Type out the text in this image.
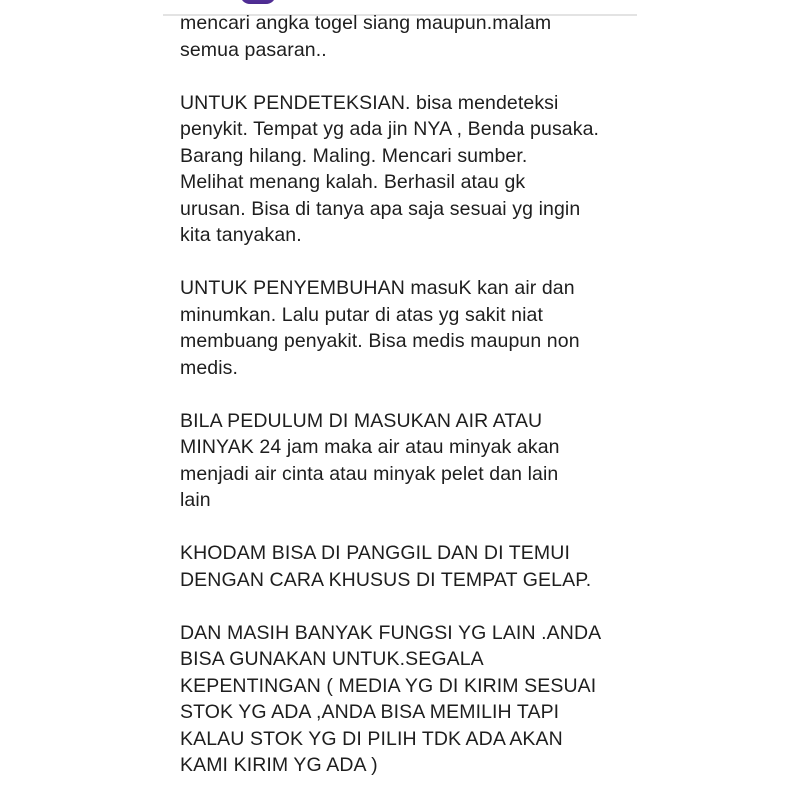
mencari angka togel siang maupun.malam
semua pasaran..
UNTUK PENDETEKSIAN. bisa mendeteksi
penykit. Tempat yg ada jin NYA , Benda pusaka.
Barang hilang. Maling. Mencari sumber.
Melihat menang kalah. Berhasil atau gk
urusan. Bisa di tanya apa saja sesuai yg ingin
kita tanyakan.
UNTUK PENYEMBUHAN masuK kan air dan
minumkan. Lalu putar di atas yg sakit niat
membuang penyakit. Bisa medis maupun non
medis.
BILA PEDULUM DI MASUKAN AIR ATAU
MINYAK 24 jam maka air atau minyak akan
menjadi air cinta atau minyak pelet dan lain
lain
KHODAM BISA DI PANGGIL DAN DI TEMUI
DENGAN CARA KHUSUS DI TEMPAT GELAP.
DAN MASIH BANYAK FUNGSI YG LAIN .ANDA
BISA GUNAKAN UNTUK.SEGALA
KEPENTINGAN ( MEDIA YG DI KIRIM SESUAI
STOK YG ADA ,ANDA BISA MEMILIH TAPI
KALAU STOK YG DI PILIH TDK ADA AKAN
KAMI KIRIM YG ADA )
